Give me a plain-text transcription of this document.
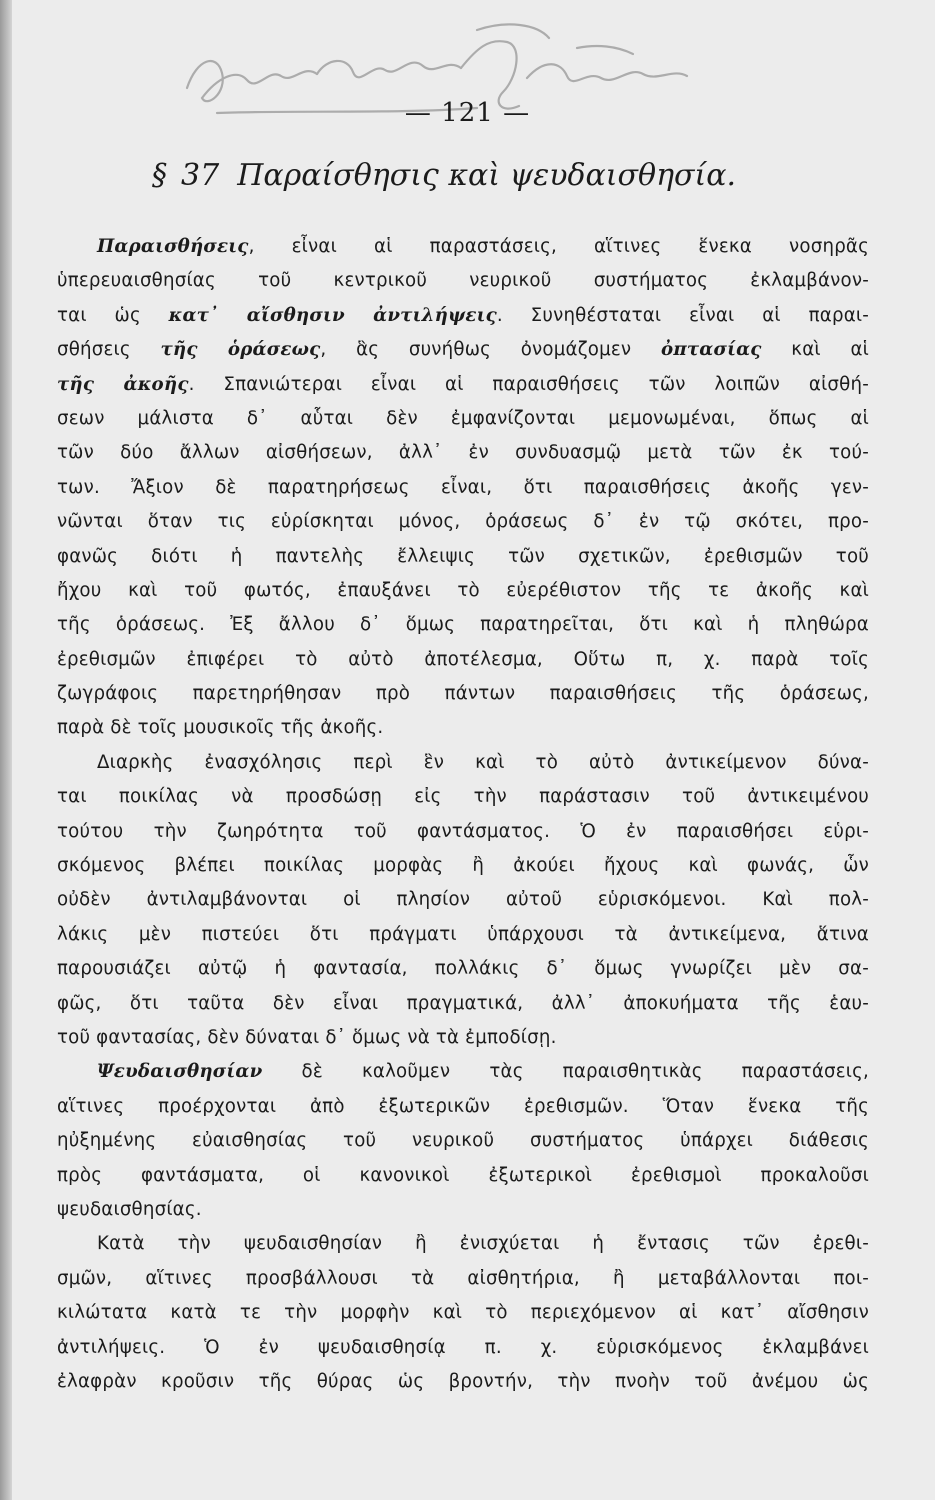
— 121 —
§ 37 Παραίσθησις καὶ ψευδαισθησία.
Παραισθήσεις, εἶναι αἱ παραστάσεις, αἵτινες ἕνεκα νοσηρᾶς
ὑπερευαισθησίας τοῦ κεντρικοῦ νευρικοῦ συστήματος ἐκλαμβάνον-
ται ὡς κατ᾽ αἴσθησιν ἀντιλήψεις. Συνηθέσταται εἶναι αἱ παραι-
σθήσεις τῆς ὁράσεως, ἃς συνήθως ὀνομάζομεν ὀπτασίας καὶ αἱ
τῆς ἀκοῆς. Σπανιώτεραι εἶναι αἱ παραισθήσεις τῶν λοιπῶν αἰσθή-
σεων μάλιστα δ᾽ αὗται δὲν ἐμφανίζονται μεμονωμέναι, ὅπως αἱ
τῶν δύο ἄλλων αἰσθήσεων, ἀλλ᾽ ἐν συνδυασμῷ μετὰ τῶν ἐκ τού-
των. Ἄξιον δὲ παρατηρήσεως εἶναι, ὅτι παραισθήσεις ἀκοῆς γεν-
νῶνται ὅταν τις εὑρίσκηται μόνος, ὁράσεως δ᾽ ἐν τῷ σκότει, προ-
φανῶς διότι ἡ παντελὴς ἔλλειψις τῶν σχετικῶν, ἐρεθισμῶν τοῦ
ἤχου καὶ τοῦ φωτός, ἐπαυξάνει τὸ εὐερέθιστον τῆς τε ἀκοῆς καὶ
τῆς ὁράσεως. Ἐξ ἄλλου δ᾽ ὅμως παρατηρεῖται, ὅτι καὶ ἡ πληθώρα
ἐρεθισμῶν ἐπιφέρει τὸ αὐτὸ ἀποτέλεσμα, Οὕτω π, χ. παρὰ τοῖς
ζωγράφοις παρετηρήθησαν πρὸ πάντων παραισθήσεις τῆς ὁράσεως,
παρὰ δὲ τοῖς μουσικοῖς τῆς ἀκοῆς.
Διαρκὴς ἐνασχόλησις περὶ ἓν καὶ τὸ αὐτὸ ἀντικείμενον δύνα-
ται ποικίλας νὰ προσδώσῃ εἰς τὴν παράστασιν τοῦ ἀντικειμένου
τούτου τὴν ζωηρότητα τοῦ φαντάσματος. Ὁ ἐν παραισθήσει εὑρι-
σκόμενος βλέπει ποικίλας μορφὰς ἢ ἀκούει ἤχους καὶ φωνάς, ὧν
οὐδὲν ἀντιλαμβάνονται οἱ πλησίον αὐτοῦ εὑρισκόμενοι. Καὶ πολ-
λάκις μὲν πιστεύει ὅτι πράγματι ὑπάρχουσι τὰ ἀντικείμενα, ἅτινα
παρουσιάζει αὐτῷ ἡ φαντασία, πολλάκις δ᾽ ὅμως γνωρίζει μὲν σα-
φῶς, ὅτι ταῦτα δὲν εἶναι πραγματικά, ἀλλ᾽ ἀποκυήματα τῆς ἑαυ-
τοῦ φαντασίας, δὲν δύναται δ᾽ ὅμως νὰ τὰ ἐμποδίσῃ.
Ψευδαισθησίαν δὲ καλοῦμεν τὰς παραισθητικὰς παραστάσεις,
αἵτινες προέρχονται ἀπὸ ἐξωτερικῶν ἐρεθισμῶν. Ὅταν ἕνεκα τῆς
ηὐξημένης εὐαισθησίας τοῦ νευρικοῦ συστήματος ὑπάρχει διάθεσις
πρὸς φαντάσματα, οἱ κανονικοὶ ἐξωτερικοὶ ἐρεθισμοὶ προκαλοῦσι
ψευδαισθησίας.
Κατὰ τὴν ψευδαισθησίαν ἢ ἐνισχύεται ἡ ἔντασις τῶν ἐρεθι-
σμῶν, αἵτινες προσβάλλουσι τὰ αἰσθητήρια, ἢ μεταβάλλονται ποι-
κιλώτατα κατὰ τε τὴν μορφὴν καὶ τὸ περιεχόμενον αἱ κατ᾽ αἴσθησιν
ἀντιλήψεις. Ὁ ἐν ψευδαισθησίᾳ π. χ. εὑρισκόμενος ἐκλαμβάνει
ἐλαφρὰν κροῦσιν τῆς θύρας ὡς βροντήν, τὴν πνοὴν τοῦ ἀνέμου ὡς
